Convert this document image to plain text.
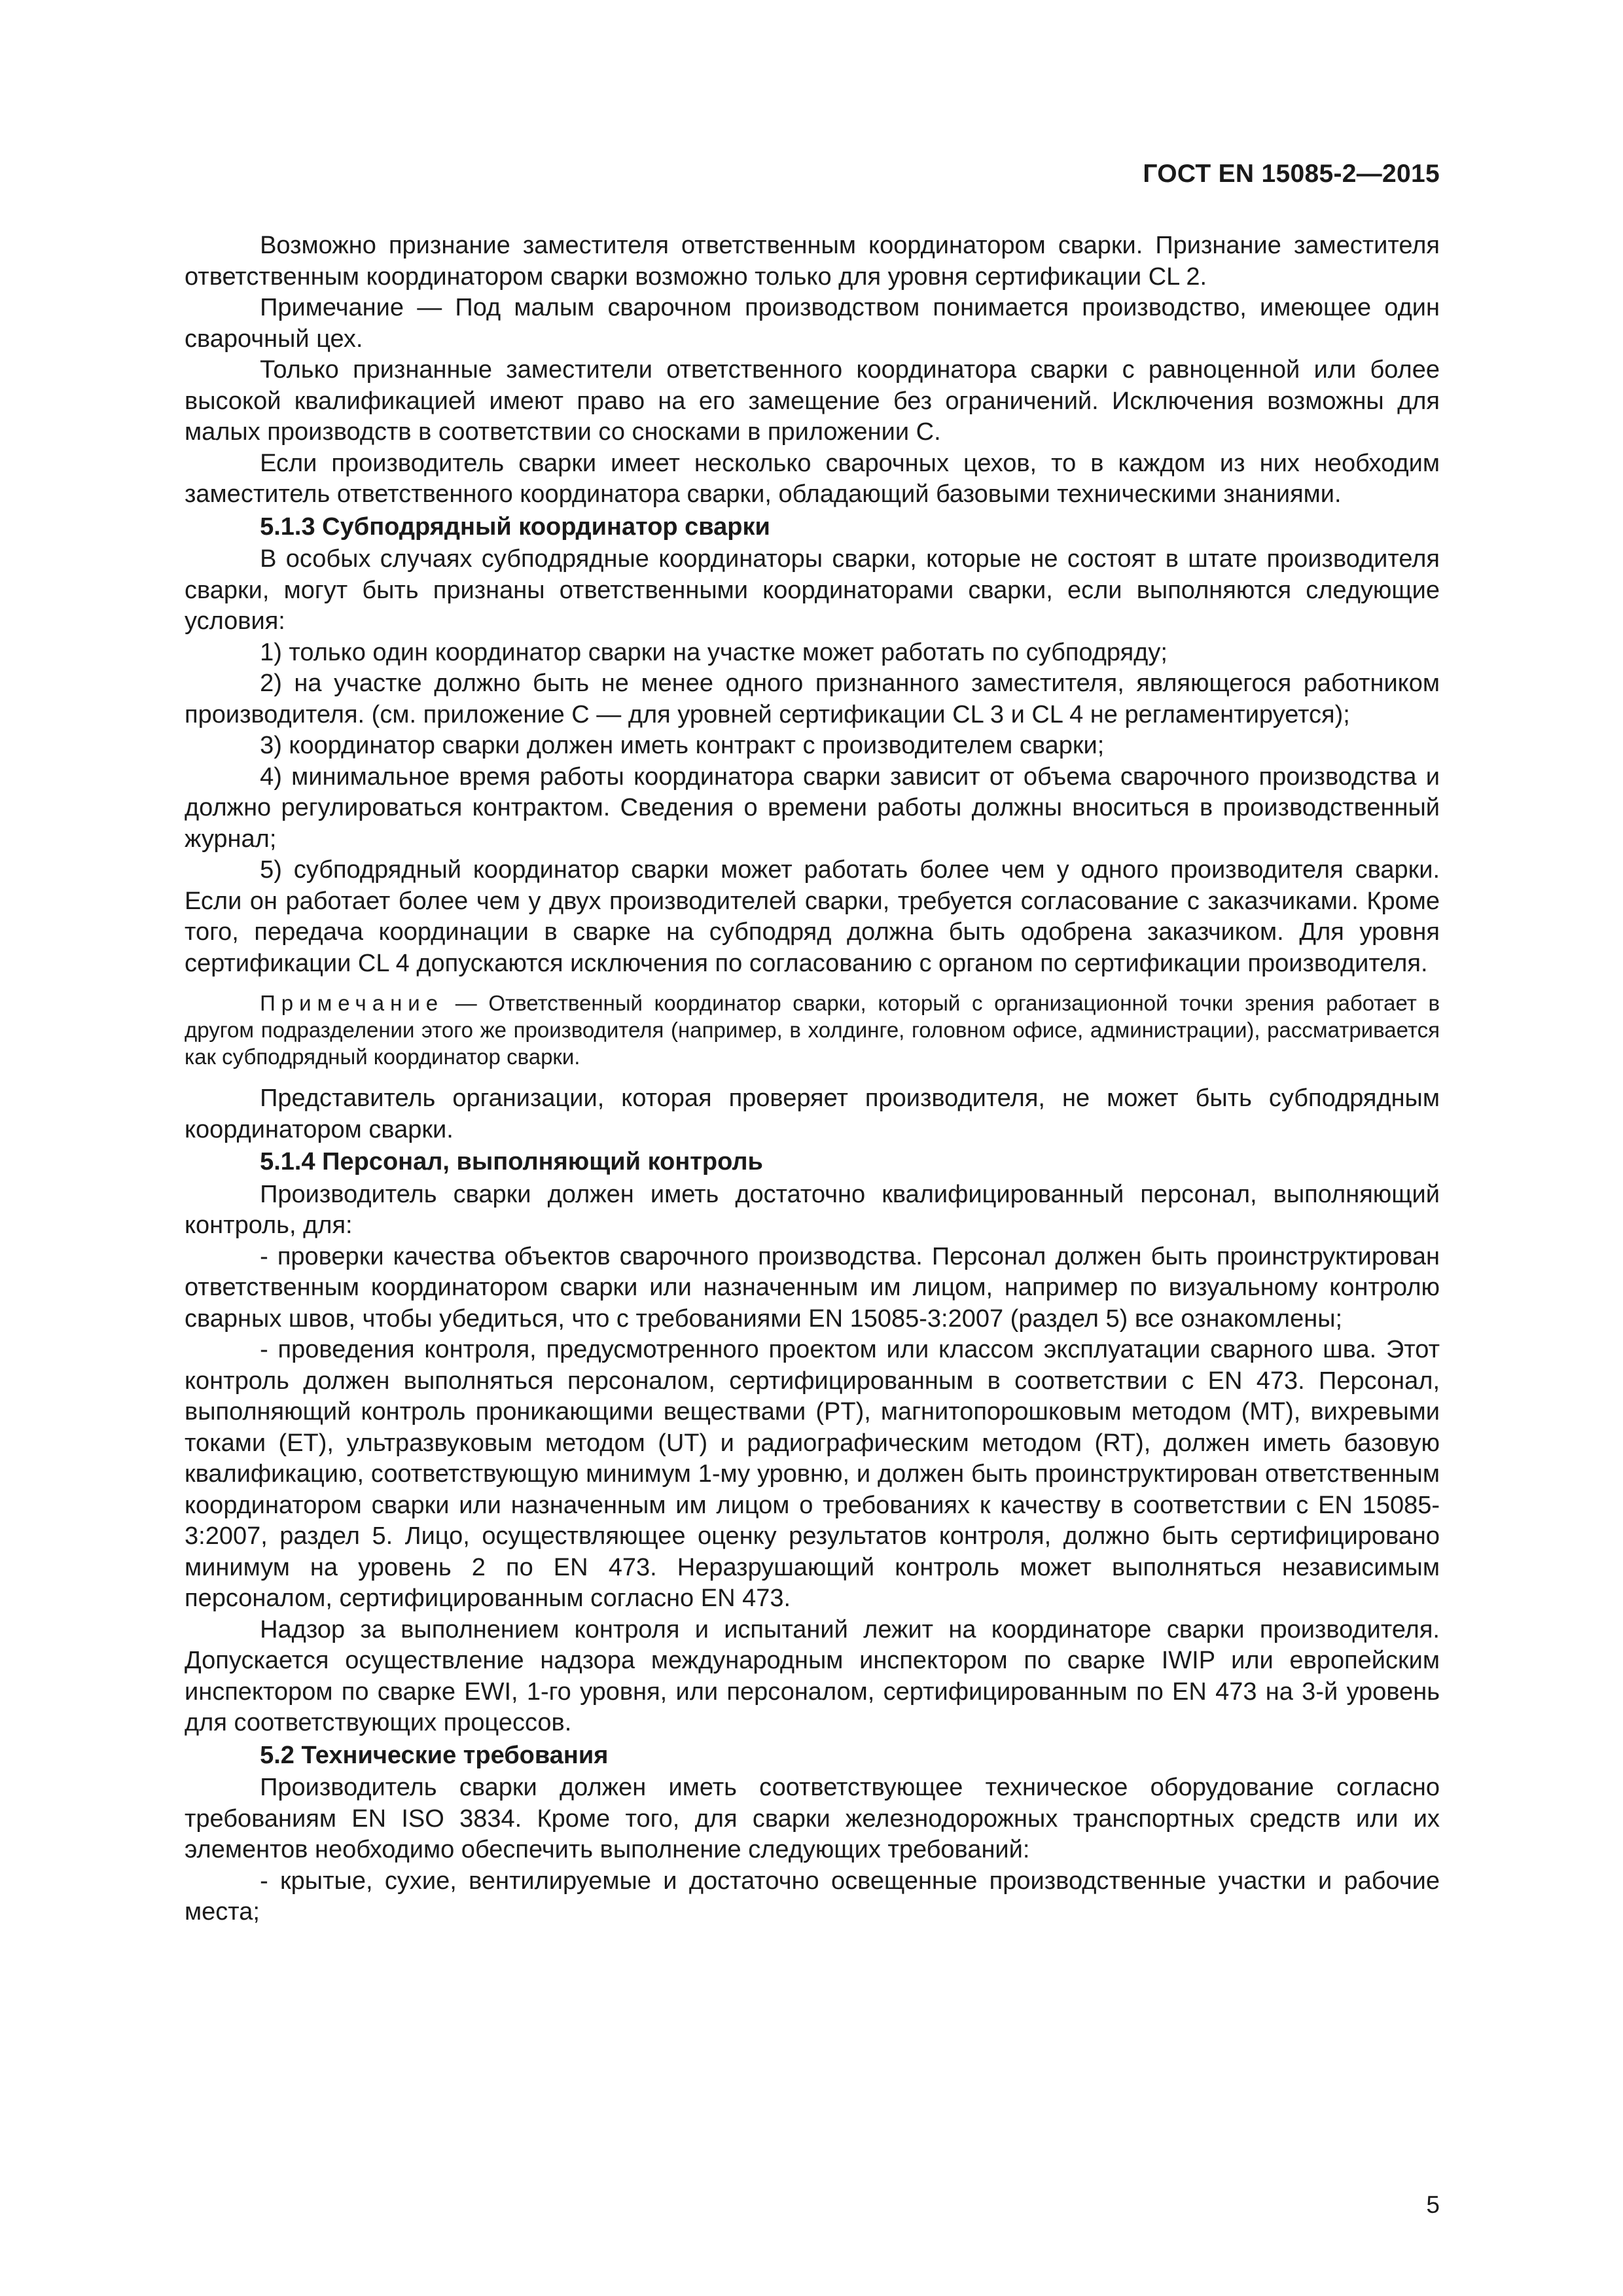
ГОСТ EN 15085-2—2015

Возможно признание заместителя ответственным координатором сварки. Признание заместителя ответственным координатором сварки возможно только для уровня сертификации CL 2.

Примечание — Под малым сварочном производством понимается производство, имеющее один сварочный цех.

Только признанные заместители ответственного координатора сварки с равноценной или более высокой квалификацией имеют право на его замещение без ограничений. Исключения возможны для малых производств в соответствии со сносками в приложении C.

Если производитель сварки имеет несколько сварочных цехов, то в каждом из них необходим заместитель ответственного координатора сварки, обладающий базовыми техническими знаниями.

5.1.3 Субподрядный координатор сварки

В особых случаях субподрядные координаторы сварки, которые не состоят в штате производителя сварки, могут быть признаны ответственными координаторами сварки, если выполняются следующие условия:

1) только один координатор сварки на участке может работать по субподряду;

2) на участке должно быть не менее одного признанного заместителя, являющегося работником производителя. (см. приложение C — для уровней сертификации CL 3 и CL 4 не регламентируется);

3) координатор сварки должен иметь контракт с производителем сварки;

4) минимальное время работы координатора сварки зависит от объема сварочного производства и должно регулироваться контрактом. Сведения о времени работы должны вноситься в производственный журнал;

5) субподрядный координатор сварки может работать более чем у одного производителя сварки. Если он работает более чем у двух производителей сварки, требуется согласование с заказчиками. Кроме того, передача координации в сварке на субподряд должна быть одобрена заказчиком. Для уровня сертификации CL 4 допускаются исключения по согласованию с органом по сертификации производителя.

Примечание — Ответственный координатор сварки, который с организационной точки зрения работает в другом подразделении этого же производителя (например, в холдинге, головном офисе, администрации), рассматривается как субподрядный координатор сварки.

Представитель организации, которая проверяет производителя, не может быть субподрядным координатором сварки.

5.1.4 Персонал, выполняющий контроль

Производитель сварки должен иметь достаточно квалифицированный персонал, выполняющий контроль, для:

- проверки качества объектов сварочного производства. Персонал должен быть проинструктирован ответственным координатором сварки или назначенным им лицом, например по визуальному контролю сварных швов, чтобы убедиться, что с требованиями EN 15085-3:2007 (раздел 5) все ознакомлены;

- проведения контроля, предусмотренного проектом или классом эксплуатации сварного шва. Этот контроль должен выполняться персоналом, сертифицированным в соответствии с EN 473. Персонал, выполняющий контроль проникающими веществами (PT), магнитопорошковым методом (MT), вихревыми токами (ET), ультразвуковым методом (UT) и радиографическим методом (RT), должен иметь базовую квалификацию, соответствующую минимум 1-му уровню, и должен быть проинструктирован ответственным координатором сварки или назначенным им лицом о требованиях к качеству в соответствии с EN 15085-3:2007, раздел 5. Лицо, осуществляющее оценку результатов контроля, должно быть сертифицировано минимум на уровень 2 по EN 473. Неразрушающий контроль может выполняться независимым персоналом, сертифицированным согласно EN 473.

Надзор за выполнением контроля и испытаний лежит на координаторе сварки производителя. Допускается осуществление надзора международным инспектором по сварке IWIP или европейским инспектором по сварке EWI, 1-го уровня, или персоналом, сертифицированным по EN 473 на 3-й уровень для соответствующих процессов.

5.2 Технические требования

Производитель сварки должен иметь соответствующее техническое оборудование согласно требованиям EN ISO 3834. Кроме того, для сварки железнодорожных транспортных средств или их элементов необходимо обеспечить выполнение следующих требований:

- крытые, сухие, вентилируемые и достаточно освещенные производственные участки и рабочие места;

5
